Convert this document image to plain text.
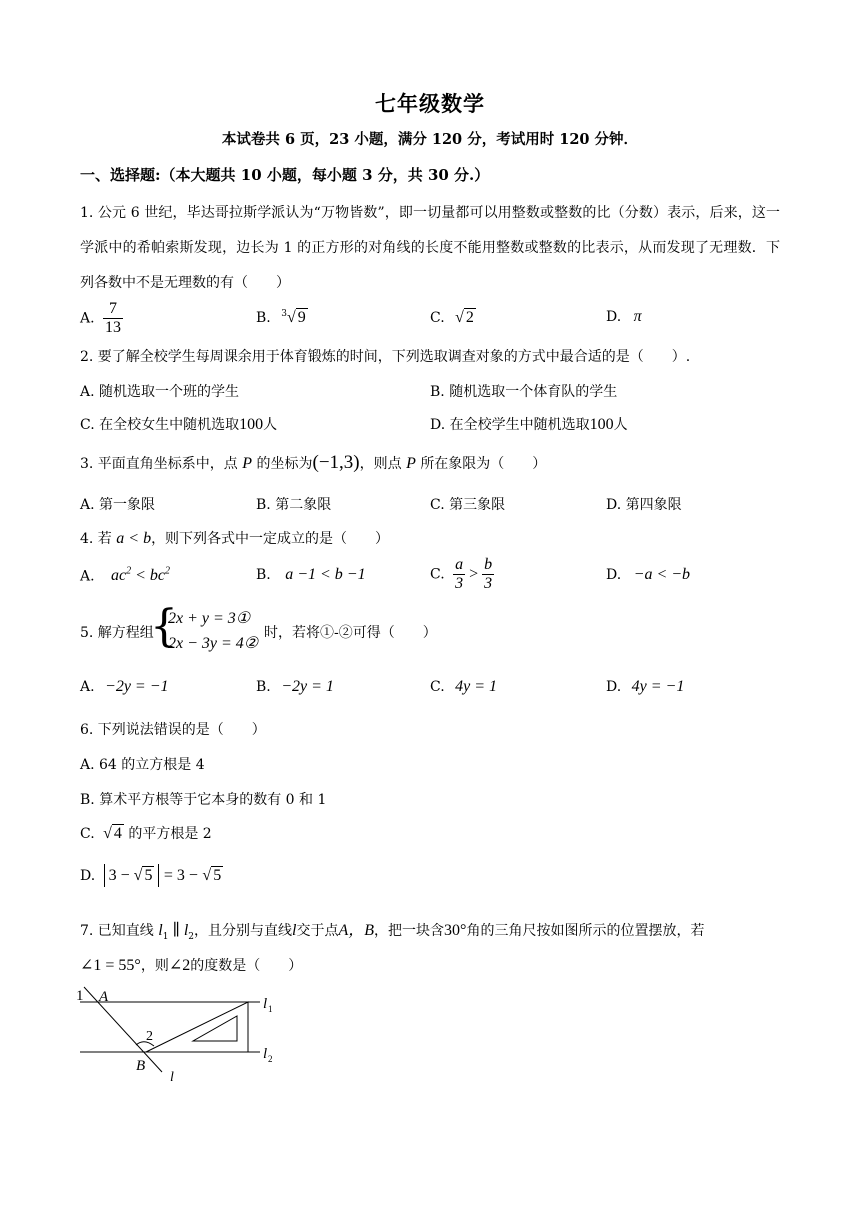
七年级数学
本试卷共 6 页，23 小题，满分 120 分，考试用时 120 分钟．
一、选择题:（本大题共 10 小题，每小题 3 分，共 30 分.）
1. 公元 6 世纪，毕达哥拉斯学派认为“万物皆数”，即一切量都可以用整数或整数的比（分数）表示，后来，这一学派中的希帕索斯发现，边长为 1 的正方形的对角线的长度不能用整数或整数的比表示，从而发现了无理数．下列各数中不是无理数的有（　　）
A. $\frac{7}{13}$	B. $^3$√ 9	C. √ 2	D. π
2. 要了解全校学生每周课余用于体育锻炼的时间，下列选取调查对象的方式中最合适的是（　　）.
A. 随机选取一个班的学生	B. 随机选取一个体育队的学生
C. 在全校女生中随机选取100人	D. 在全校学生中随机选取100人
3. 平面直角坐标系中，点 P 的坐标为(−1,3)，则点 P 所在象限为（　　）
A. 第一象限	B. 第二象限	C. 第三象限	D. 第四象限
4. 若 a < b，则下列各式中一定成立的是（　　）
A. $ac^2 < bc^2$	B. a −1 < b −1	C. $\frac{a}{3} > \frac{b}{3}$	D. −a < −b
5. 解方程组
{
2x + y = 3①
2x − 3y = 4②
时，若将①-②可得（　　）
A. −2y = −1	B. −2y = 1	C. 4y = 1	D. 4y = −1
6. 下列说法错误的是（　　）
A. 64 的立方根是 4
B. 算术平方根等于它本身的数有 0 和 1
C. √ 4 的平方根是 2
D. 3 − √ 5 = 3 − √ 5
7. 已知直线 $l_1$ ∥ $l_2$，且分别与直线l交于点A，B，把一块含30°角的三角尺按如图所示的位置摆放，若
∠1 = 55°，则∠2的度数是（　　）
1 A
2
B
l
l 1
l 2
